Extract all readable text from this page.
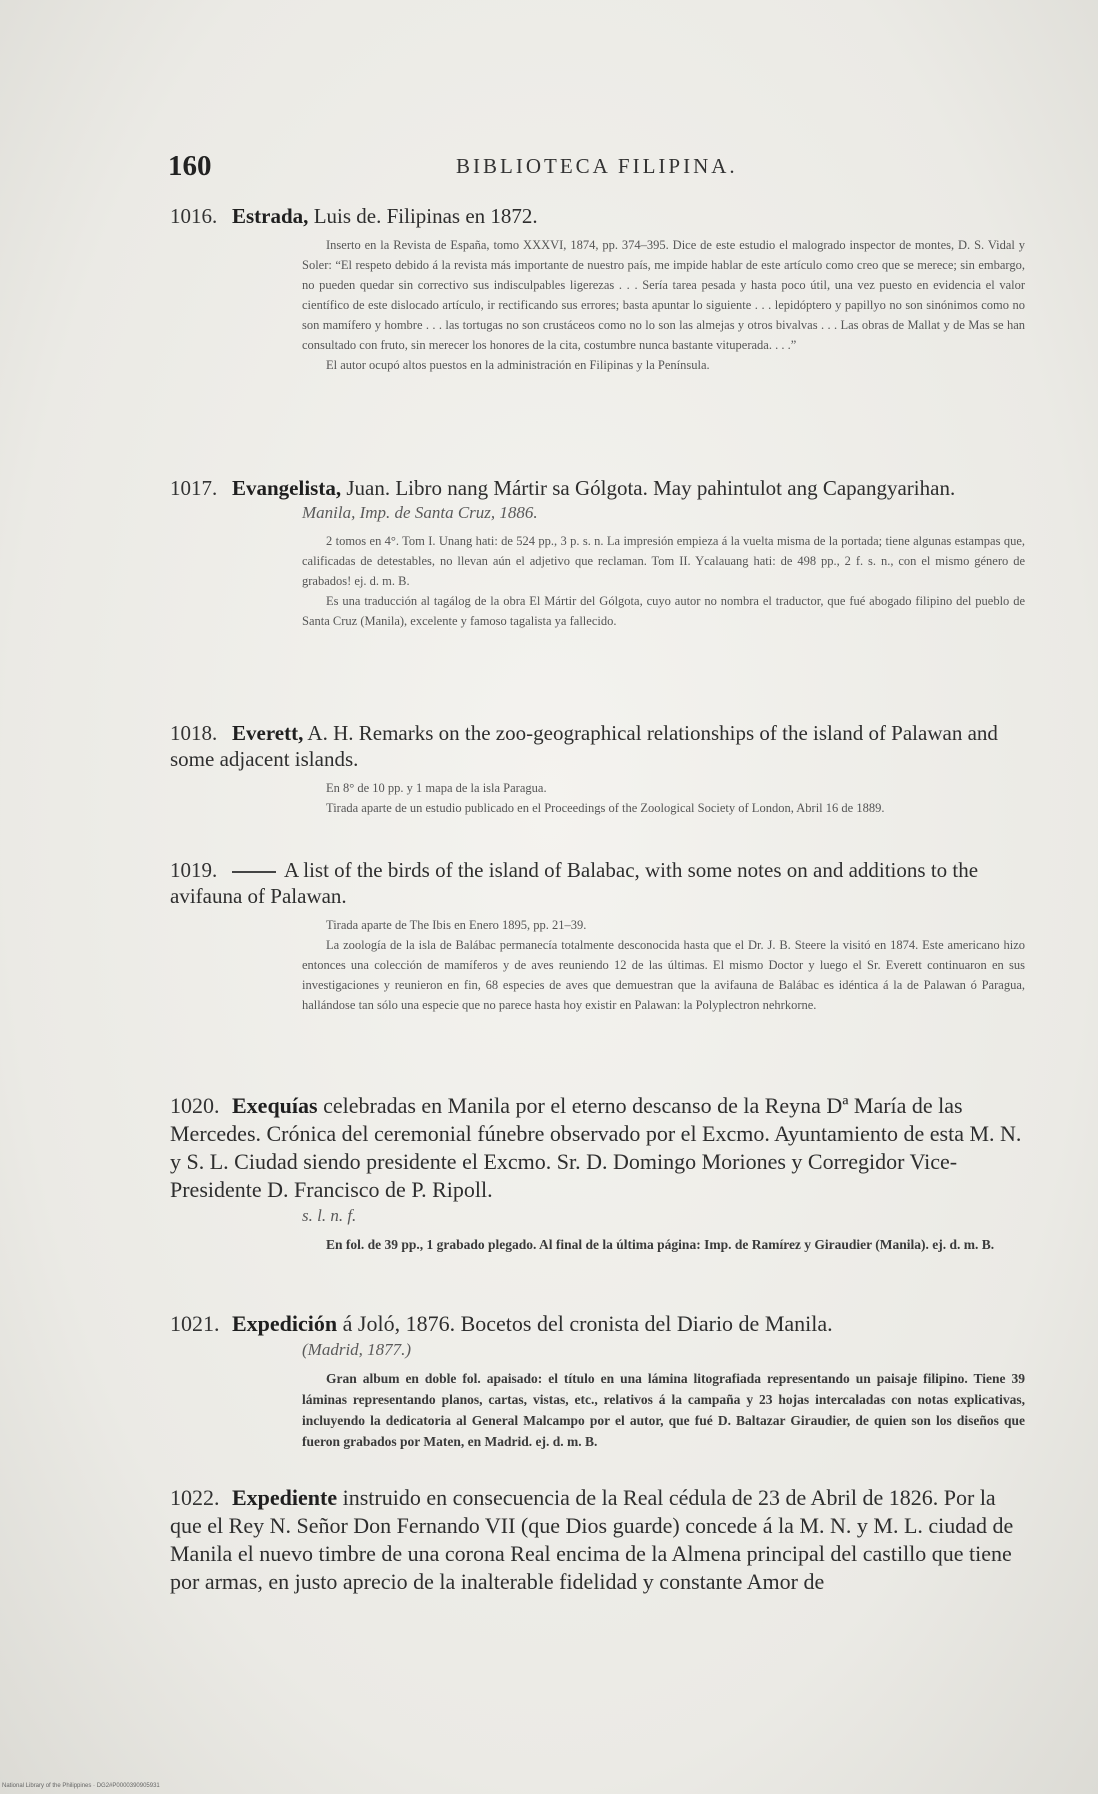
160	BIBLIOTECA FILIPINA.
1016. Estrada, Luis de. Filipinas en 1872.

Inserto en la Revista de España, tomo XXXVI, 1874, pp. 374–395. Dice de este estudio el malogrado inspector de montes, D. S. Vidal y Soler: “El respeto debido á la revista más importante de nuestro país, me impide hablar de este artículo como creo que se merece; sin embargo, no pueden quedar sin correctivo sus indisculpables ligerezas . . . Sería tarea pesada y hasta poco útil, una vez puesto en evidencia el valor científico de este dislocado artículo, ir rectificando sus errores; basta apuntar lo siguiente . . . lepidóptero y papillyo no son sinónimos como no son mamífero y hombre . . . las tortugas no son crustáceos como no lo son las almejas y otros bivalvas . . . Las obras de Mallat y de Mas se han consultado con fruto, sin merecer los honores de la cita, costumbre nunca bastante vituperada. . . .”

El autor ocupó altos puestos en la administración en Filipinas y la Península.

1017. Evangelista, Juan. Libro nang Mártir sa Gólgota. May pahintulot ang Capangyarihan.
Manila, Imp. de Santa Cruz, 1886.

2 tomos en 4°. Tom I. Unang hati: de 524 pp., 3 p. s. n. La impresión empieza á la vuelta misma de la portada; tiene algunas estampas que, calificadas de detestables, no llevan aún el adjetivo que reclaman. Tom II. Ycalauang hati: de 498 pp., 2 f. s. n., con el mismo género de grabados! ej. d. m. B.

Es una traducción al tagálog de la obra El Mártir del Gólgota, cuyo autor no nombra el traductor, que fué abogado filipino del pueblo de Santa Cruz (Manila), excelente y famoso tagalista ya fallecido.

1018. Everett, A. H. Remarks on the zoo-geographical relationships of the island of Palawan and some adjacent islands.

En 8° de 10 pp. y 1 mapa de la isla Paragua.

Tirada aparte de un estudio publicado en el Proceedings of the Zoological Society of London, Abril 16 de 1889.

1019.	A list of the birds of the island of Balabac, with some notes on and additions to the avifauna of Palawan.

Tirada aparte de The Ibis en Enero 1895, pp. 21–39.

La zoología de la isla de Balábac permanecía totalmente desconocida hasta que el Dr. J. B. Steere la visitó en 1874. Este americano hizo entonces una colección de mamíferos y de aves reuniendo 12 de las últimas. El mismo Doctor y luego el Sr. Everett continuaron en sus investigaciones y reunieron en fin, 68 especies de aves que demuestran que la avifauna de Balábac es idéntica á la de Palawan ó Paragua, hallándose tan sólo una especie que no parece hasta hoy existir en Palawan: la Polyplectron nehrkorne.

1020. Exequías celebradas en Manila por el eterno descanso de la Reyna Dª María de las Mercedes. Crónica del ceremonial fúnebre observado por el Excmo. Ayuntamiento de esta M. N. y S. L. Ciudad siendo presidente el Excmo. Sr. D. Domingo Moriones y Corregidor Vice-Presidente D. Francisco de P. Ripoll.
s. l. n. f.

En fol. de 39 pp., 1 grabado plegado. Al final de la última página: Imp. de Ramírez y Giraudier (Manila). ej. d. m. B.

1021. Expedición á Joló, 1876. Bocetos del cronista del Diario de Manila.
(Madrid, 1877.)

Gran album en doble fol. apaisado: el título en una lámina litografiada representando un paisaje filipino. Tiene 39 láminas representando planos, cartas, vistas, etc., relativos á la campaña y 23 hojas intercaladas con notas explicativas, incluyendo la dedicatoria al General Malcampo por el autor, que fué D. Baltazar Giraudier, de quien son los diseños que fueron grabados por Maten, en Madrid. ej. d. m. B.

1022. Expediente instruido en consecuencia de la Real cédula de 23 de Abril de 1826. Por la que el Rey N. Señor Don Fernando VII (que Dios guarde) concede á la M. N. y M. L. ciudad de Manila el nuevo timbre de una corona Real encima de la Almena principal del castillo que tiene por armas, en justo aprecio de la inalterable fidelidad y constante Amor de
National Library of the Philippines · DG2#P0000390905931
